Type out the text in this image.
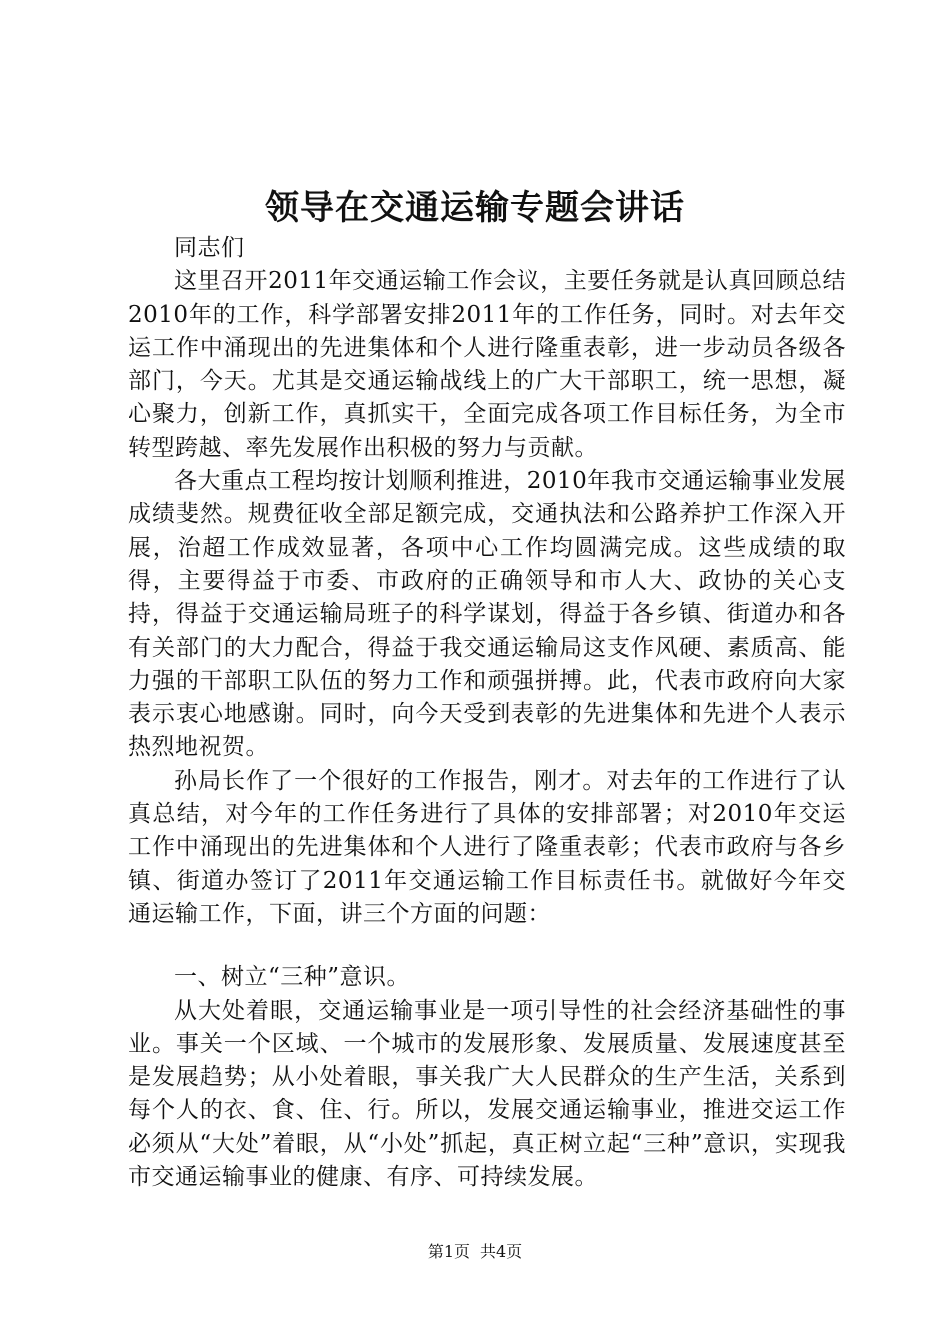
领导在交通运输专题会讲话

同志们

这里召开2011年交通运输工作会议，主要任务就是认真回顾总结2010年的工作，科学部署安排2011年的工作任务，同时。对去年交运工作中涌现出的先进集体和个人进行隆重表彰，进一步动员各级各部门，今天。尤其是交通运输战线上的广大干部职工，统一思想，凝心聚力，创新工作，真抓实干，全面完成各项工作目标任务，为全市转型跨越、率先发展作出积极的努力与贡献。

各大重点工程均按计划顺利推进，2010年我市交通运输事业发展成绩斐然。规费征收全部足额完成，交通执法和公路养护工作深入开展，治超工作成效显著，各项中心工作均圆满完成。这些成绩的取得，主要得益于市委、市政府的正确领导和市人大、政协的关心支持，得益于交通运输局班子的科学谋划，得益于各乡镇、街道办和各有关部门的大力配合，得益于我交通运输局这支作风硬、素质高、能力强的干部职工队伍的努力工作和顽强拼搏。此，代表市政府向大家表示衷心地感谢。同时，向今天受到表彰的先进集体和先进个人表示热烈地祝贺。

孙局长作了一个很好的工作报告，刚才。对去年的工作进行了认真总结，对今年的工作任务进行了具体的安排部署；对2010年交运工作中涌现出的先进集体和个人进行了隆重表彰；代表市政府与各乡镇、街道办签订了2011年交通运输工作目标责任书。就做好今年交通运输工作，下面，讲三个方面的问题：

一、树立“三种”意识。

从大处着眼，交通运输事业是一项引导性的社会经济基础性的事业。事关一个区域、一个城市的发展形象、发展质量、发展速度甚至是发展趋势；从小处着眼，事关我广大人民群众的生产生活，关系到每个人的衣、食、住、行。所以，发展交通运输事业，推进交运工作必须从“大处”着眼，从“小处”抓起，真正树立起“三种”意识，实现我市交通运输事业的健康、有序、可持续发展。

第1页 共4页
